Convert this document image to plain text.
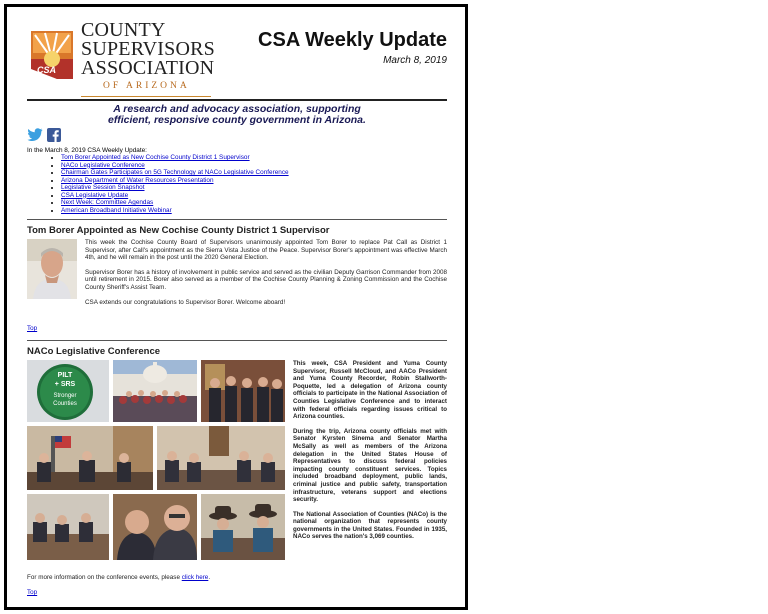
CSA
COUNTY
SUPERVISORS
ASSOCIATION
OF ARIZONA
CSA Weekly Update
March 8, 2019
A research and advocacy association, supporting
efficient, responsive county government in Arizona.

In the March 8, 2019 CSA Weekly Update:
• Tom Borer Appointed as New Cochise County District 1 Supervisor
• NACo Legislative Conference
• Chairman Gates Participates on 5G Technology at NACo Legislative Conference
• Arizona Department of Water Resources Presentation
• Legislative Session Snapshot
• CSA Legislative Update
• Next Week: Committee Agendas
• American Broadband Initiative Webinar
Tom Borer Appointed as New Cochise County District 1 Supervisor

This week the Cochise County Board of Supervisors unanimously appointed Tom Borer to replace Pat Call as District 1 Supervisor, after Call's appointment as the Sierra Vista Justice of the Peace. Supervisor Borer's appointment was effective March 4th, and he will remain in the post until the 2020 General Election.

Supervisor Borer has a history of involvement in public service and served as the civilian Deputy Garrison Commander from 2008 until retirement in 2015. Borer also served as a member of the Cochise County Planning & Zoning Commission and the Cochise County Sheriff's Assist Team.

CSA extends our congratulations to Supervisor Borer. Welcome aboard!

Top
NACo Legislative Conference
PILT
+ SRS
Stronger
Counties

This week, CSA President and Yuma County Supervisor, Russell McCloud, and AACo President and Yuma County Recorder, Robin Stallworth-Poquette, led a delegation of Arizona county officials to participate in the National Association of Counties Legislative Conference and to interact with federal officials regarding issues critical to Arizona counties.

During the trip, Arizona county officials met with Senator Kyrsten Sinema and Senator Martha McSally as well as members of the Arizona delegation in the United States House of Representatives to discuss federal policies impacting county constituent services. Topics included broadband deployment, public lands, criminal justice and public safety, transportation infrastructure, veterans support and elections security.

The National Association of Counties (NACo) is the national organization that represents county governments in the United States. Founded in 1935, NACo serves the nation's 3,069 counties.

For more information on the conference events, please click here.
Top
